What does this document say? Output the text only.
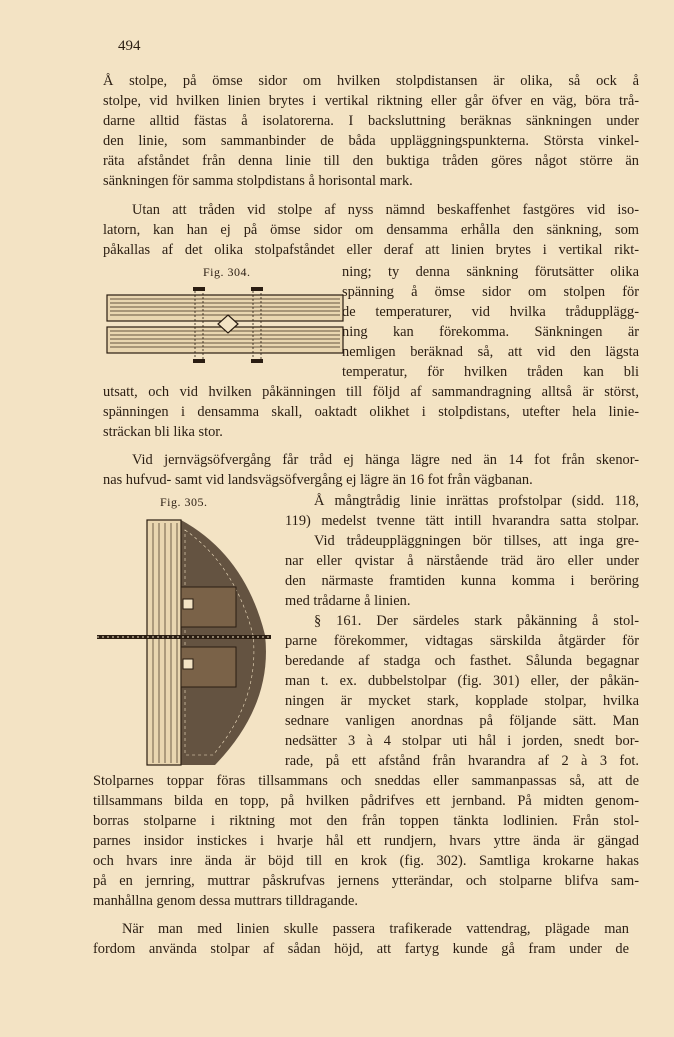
494
Å stolpe, på ömse sidor om hvilken stolpdistansen är olika, så ock å
stolpe, vid hvilken linien brytes i vertikal riktning eller går öfver en väg, böra trå-
darne alltid fästas å isolatorerna. I backsluttning beräknas sänkningen under
den linie, som sammanbinder de båda uppläggningspunkterna. Största vinkel-
räta afståndet från denna linie till den buktiga tråden göres något större än
sänkningen för samma stolpdistans å horisontal mark.
Utan att tråden vid stolpe af nyss nämnd beskaffenhet fastgöres vid iso-
latorn, kan han ej på ömse sidor om densamma erhålla den sänkning, som
påkallas af det olika stolpafståndet eller deraf att linien brytes i vertikal rikt-
Fig. 304.	ning; ty denna sänkning förutsätter olika
spänning å ömse sidor om stolpen för
de temperaturer, vid hvilka trådupplägg-
ning kan förekomma. Sänkningen är
nemligen beräknad så, att vid den lägsta
temperatur, för hvilken tråden kan bli
utsatt, och vid hvilken påkänningen till följd af sammandragning alltså är störst,
spänningen i densamma skall, oaktadt olikhet i stolpdistans, utefter hela linie-
sträckan bli lika stor.
Vid jernvägsöfvergång får tråd ej hänga lägre ned än 14 fot från skenor-
nas hufvud- samt vid landsvägsöfvergång ej lägre än 16 fot från vägbanan.
Fig. 305.	Å mångtrådig linie inrättas profstolpar (sidd. 118,
119) medelst tvenne tätt intill hvarandra satta stolpar.
Vid trådeuppläggningen bör tillses, att inga gre-
nar eller qvistar å närstående träd äro eller under
den närmaste framtiden kunna komma i beröring
med trådarne å linien.
§ 161. Der särdeles stark påkänning å stol-
parne förekommer, vidtagas särskilda åtgärder för
beredande af stadga och fasthet. Sålunda begagnar
man t. ex. dubbelstolpar (fig. 301) eller, der påkän-
ningen är mycket stark, kopplade stolpar, hvilka
sednare vanligen anordnas på följande sätt. Man
nedsätter 3 à 4 stolpar uti hål i jorden, snedt bor-
rade, på ett afstånd från hvarandra af 2 à 3 fot.
Stolparnes toppar föras tillsammans och sneddas eller sammanpassas så, att de
tillsammans bilda en topp, på hvilken pådrifves ett jernband. På midten genom-
borras stolparne i riktning mot den från toppen tänkta lodlinien. Från stol-
parnes insidor instickes i hvarje hål ett rundjern, hvars yttre ända är gängad
och hvars inre ända är böjd till en krok (fig. 302). Samtliga krokarne hakas
på en jernring, muttrar påskrufvas jernens ytterändar, och stolparne blifva sam-
manhållna genom dessa muttrars tilldragande.
När man med linien skulle passera trafikerade vattendrag, plägade man
fordom använda stolpar af sådan höjd, att fartyg kunde gå fram under de
